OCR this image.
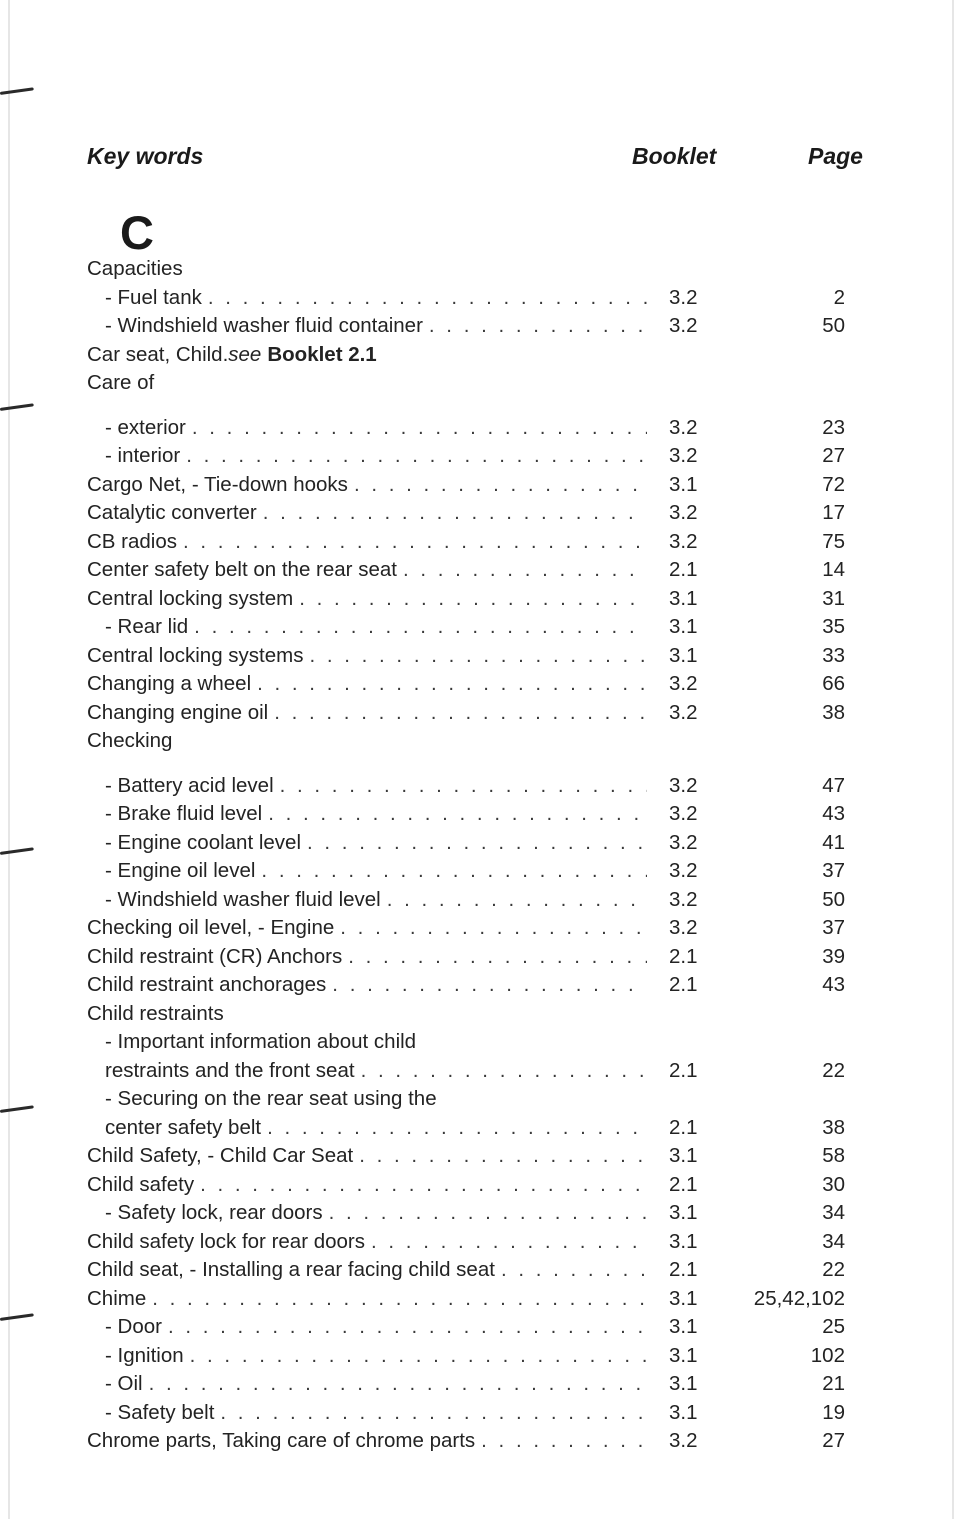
Key words	Booklet	Page
C
Capacities
- Fuel tank . . .	3.2	2
- Windshield washer fluid container . . .	3.2	50
Car seat, Child. see Booklet 2.1
Care of
- exterior . . .	3.2	23
- interior . . .	3.2	27
Cargo Net, - Tie-down hooks . . .	3.1	72
Catalytic converter . . .	3.2	17
CB radios . . .	3.2	75
Center safety belt on the rear seat . . .	2.1	14
Central locking system . . .	3.1	31
- Rear lid . . .	3.1	35
Central locking systems . . .	3.1	33
Changing a wheel . . .	3.2	66
Changing engine oil . . .	3.2	38
Checking
- Battery acid level . . .	3.2	47
- Brake fluid level . . .	3.2	43
- Engine coolant level . . .	3.2	41
- Engine oil level . . .	3.2	37
- Windshield washer fluid level . . .	3.2	50
Checking oil level, - Engine . . .	3.2	37
Child restraint (CR) Anchors . . .	2.1	39
Child restraint anchorages . . .	2.1	43
Child restraints
- Important information about child
restraints and the front seat . . .	2.1	22
- Securing on the rear seat using the
center safety belt . . .	2.1	38
Child Safety, - Child Car Seat . . .	3.1	58
Child safety . . .	2.1	30
- Safety lock, rear doors . . .	3.1	34
Child safety lock for rear doors . . .	3.1	34
Child seat, - Installing a rear facing child seat . . .	2.1	22
Chime . . .	3.1	25,42,102
- Door . . .	3.1	25
- Ignition . . .	3.1	102
- Oil . . .	3.1	21
- Safety belt . . .	3.1	19
Chrome parts, Taking care of chrome parts . . .	3.2	27
